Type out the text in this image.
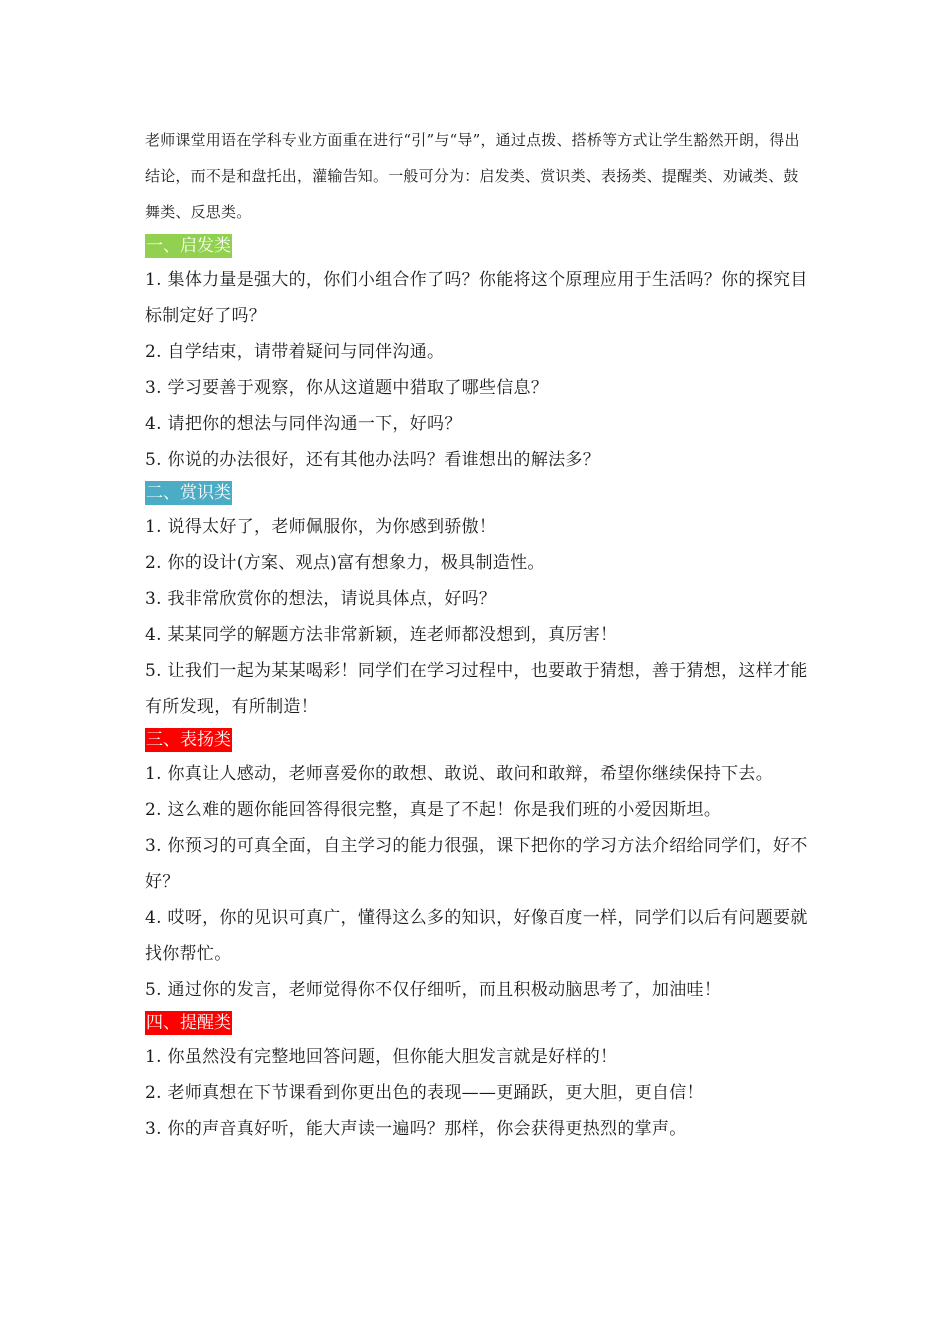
老师课堂用语在学科专业方面重在进行“引”与“导”，通过点拨、搭桥等方式让学生豁然开朗，得出结论，而不是和盘托出，灌输告知。一般可分为：启发类、赏识类、表扬类、提醒类、劝诫类、鼓舞类、反思类。

一、启发类
1. 集体力量是强大的，你们小组合作了吗？你能将这个原理应用于生活吗？你的探究目标制定好了吗？
2. 自学结束，请带着疑问与同伴沟通。
3. 学习要善于观察，你从这道题中猎取了哪些信息？
4. 请把你的想法与同伴沟通一下，好吗？
5. 你说的办法很好，还有其他办法吗？看谁想出的解法多？
二、赏识类
1. 说得太好了，老师佩服你，为你感到骄傲！
2. 你的设计(方案、观点)富有想象力，极具制造性。
3. 我非常欣赏你的想法，请说具体点，好吗？
4. 某某同学的解题方法非常新颖，连老师都没想到，真厉害！
5. 让我们一起为某某喝彩！同学们在学习过程中，也要敢于猜想，善于猜想，这样才能有所发现，有所制造！
三、表扬类
1. 你真让人感动，老师喜爱你的敢想、敢说、敢问和敢辩，希望你继续保持下去。
2. 这么难的题你能回答得很完整，真是了不起！你是我们班的小爱因斯坦。
3. 你预习的可真全面，自主学习的能力很强，课下把你的学习方法介绍给同学们，好不好？
4. 哎呀，你的见识可真广，懂得这么多的知识，好像百度一样，同学们以后有问题要就找你帮忙。
5. 通过你的发言，老师觉得你不仅仔细听，而且积极动脑思考了，加油哇！
四、提醒类
1. 你虽然没有完整地回答问题，但你能大胆发言就是好样的！
2. 老师真想在下节课看到你更出色的表现——更踊跃，更大胆，更自信！
3. 你的声音真好听，能大声读一遍吗？那样，你会获得更热烈的掌声。
